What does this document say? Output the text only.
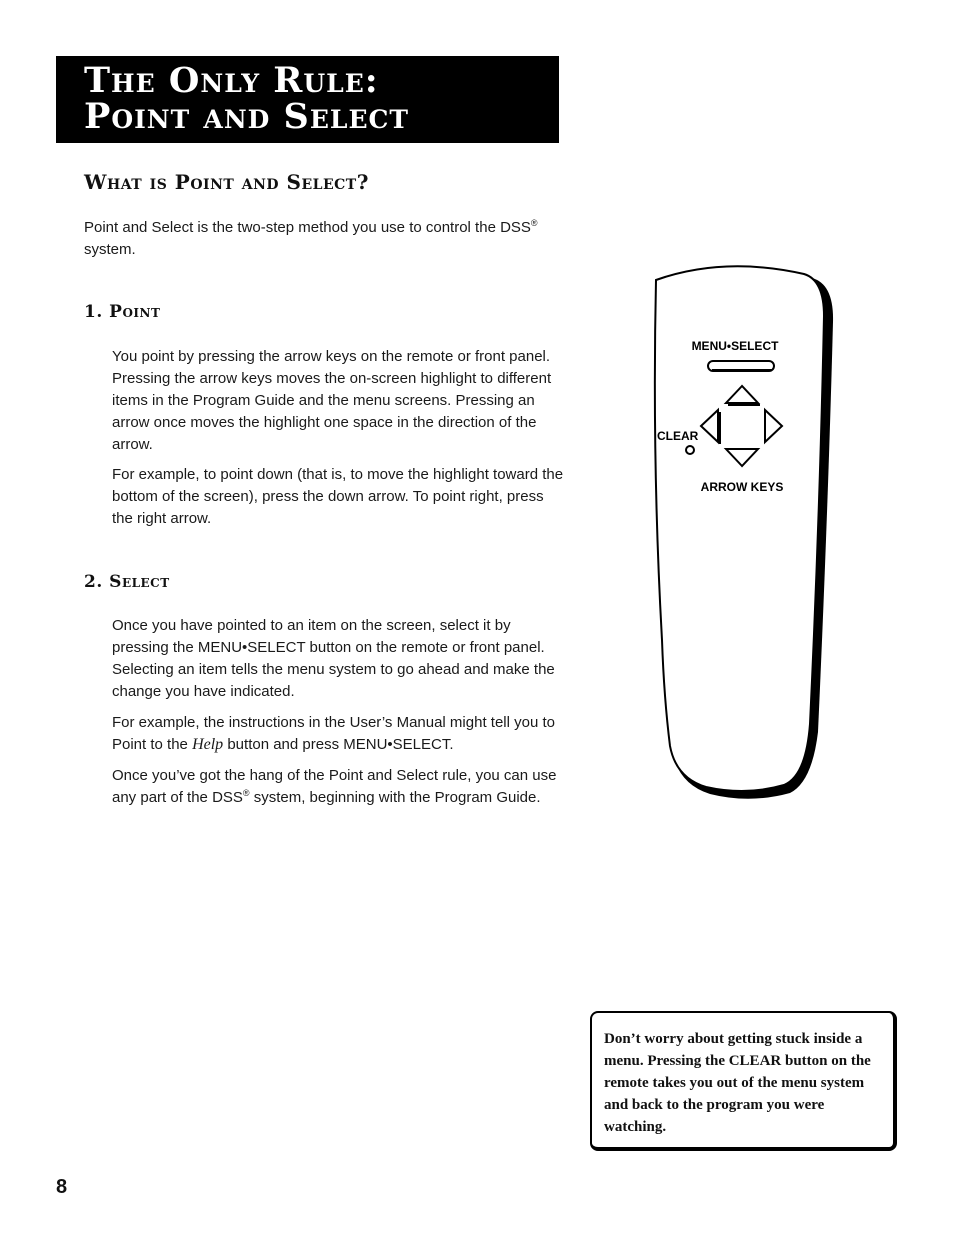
The Only Rule:
Point and Select
What is Point and Select?

Point and Select is the two-step method you use to control the DSS® system.

1. Point

You point by pressing the arrow keys on the remote or front panel. Pressing the arrow keys moves the on-screen highlight to different items in the Program Guide and the menu screens. Pressing an arrow once moves the highlight one space in the direction of the arrow.

For example, to point down (that is, to move the highlight toward the bottom of the screen), press the down arrow. To point right, press the right arrow.

2. Select

Once you have pointed to an item on the screen, select it by pressing the MENU•SELECT button on the remote or front panel. Selecting an item tells the menu system to go ahead and make the change you have indicated.

For example, the instructions in the User’s Manual might tell you to Point to the Help button and press MENU•SELECT.

Once you’ve got the hang of the Point and Select rule, you can use any part of the DSS® system, beginning with the Program Guide.

MENU•SELECT
CLEAR
ARROW KEYS

Don’t worry about getting stuck inside a menu. Pressing the CLEAR button on the remote takes you out of the menu system and back to the program you were watching.

8
